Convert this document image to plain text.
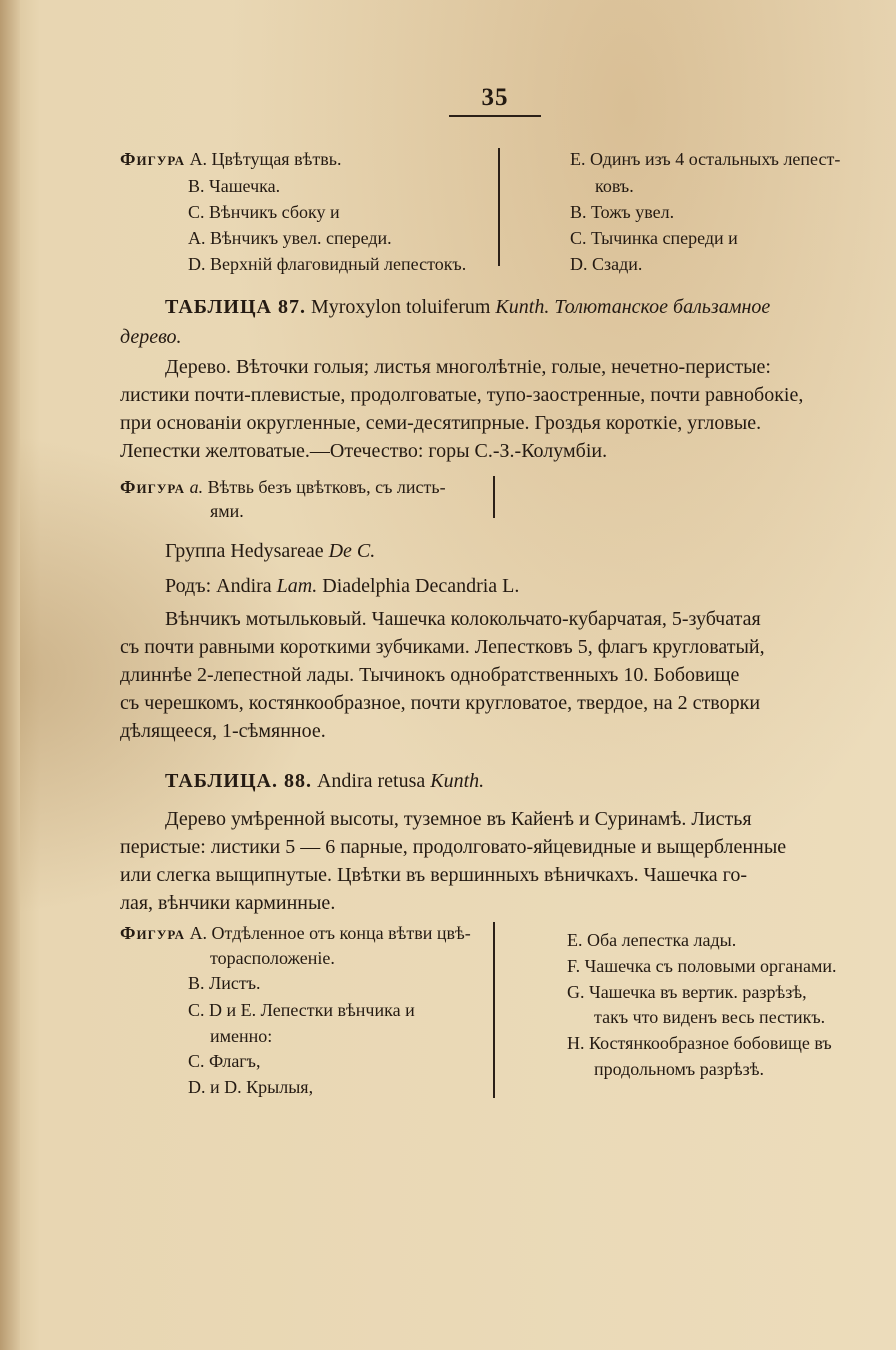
35
Фигура А. Цвѣтущая вѣтвь.
В. Чашечка.
С. Вѣнчикъ сбоку и
А. Вѣнчикъ увел. спереди.
D. Верхній флаговидный лепестокъ.
E. Одинъ изъ 4 остальныхъ лепест-
ковъ.
B. Тожъ увел.
C. Тычинка спереди и
D. Сзади.
ТАБЛИЦА 87. Myroxylon toluiferum Kunth. Толютанское бальзамное
дерево.
Дерево. Вѣточки голыя; листья многолѣтніе, голые, нечетно-перистые:
листики почти-плевистые, продолговатые, тупо-заостренные, почти равнобокіе,
при основаніи округленные, семи-десятипрные. Гроздья короткіе, угловые.
Лепестки желтоватые.—Отечество: горы С.-З.-Колумбіи.
Фигура a. Вѣтвь безъ цвѣтковъ, съ листь-
ями.
Группа Hedysareae De C.
Родъ: Andira Lam. Diadelphia Decandria L.
Вѣнчикъ мотыльковый. Чашечка колокольчато-кубарчатая, 5-зубчатая
съ почти равными короткими зубчиками. Лепестковъ 5, флагъ кругловатый,
длиннѣе 2-лепестной лады. Тычинокъ однобратственныхъ 10. Бобовище
съ черешкомъ, костянкообразное, почти кругловатое, твердое, на 2 створки
дѣлящееся, 1-сѣмянное.
ТАБЛИЦА. 88. Andira retusa Kunth.
Дерево умѣренной высоты, туземное въ Кайенѣ и Суринамѣ. Листья
перистые: листики 5 — 6 парные, продолговато-яйцевидные и выщербленные
или слегка выщипнутые. Цвѣтки въ вершинныхъ вѣничкахъ. Чашечка го-
лая, вѣнчики карминные.
Фигура А. Отдѣленное отъ конца вѣтви цвѣ-
торасположеніе.
B. Листъ.
C. D и E. Лепестки вѣнчика и
именно:
C. Флагъ,
D. и D. Крылыя,
E. Оба лепестка лады.
F. Чашечка съ половыми органами.
G. Чашечка въ вертик. разрѣзѣ,
такъ что виденъ весь пестикъ.
H. Костянкообразное бобовище въ
продольномъ разрѣзѣ.
